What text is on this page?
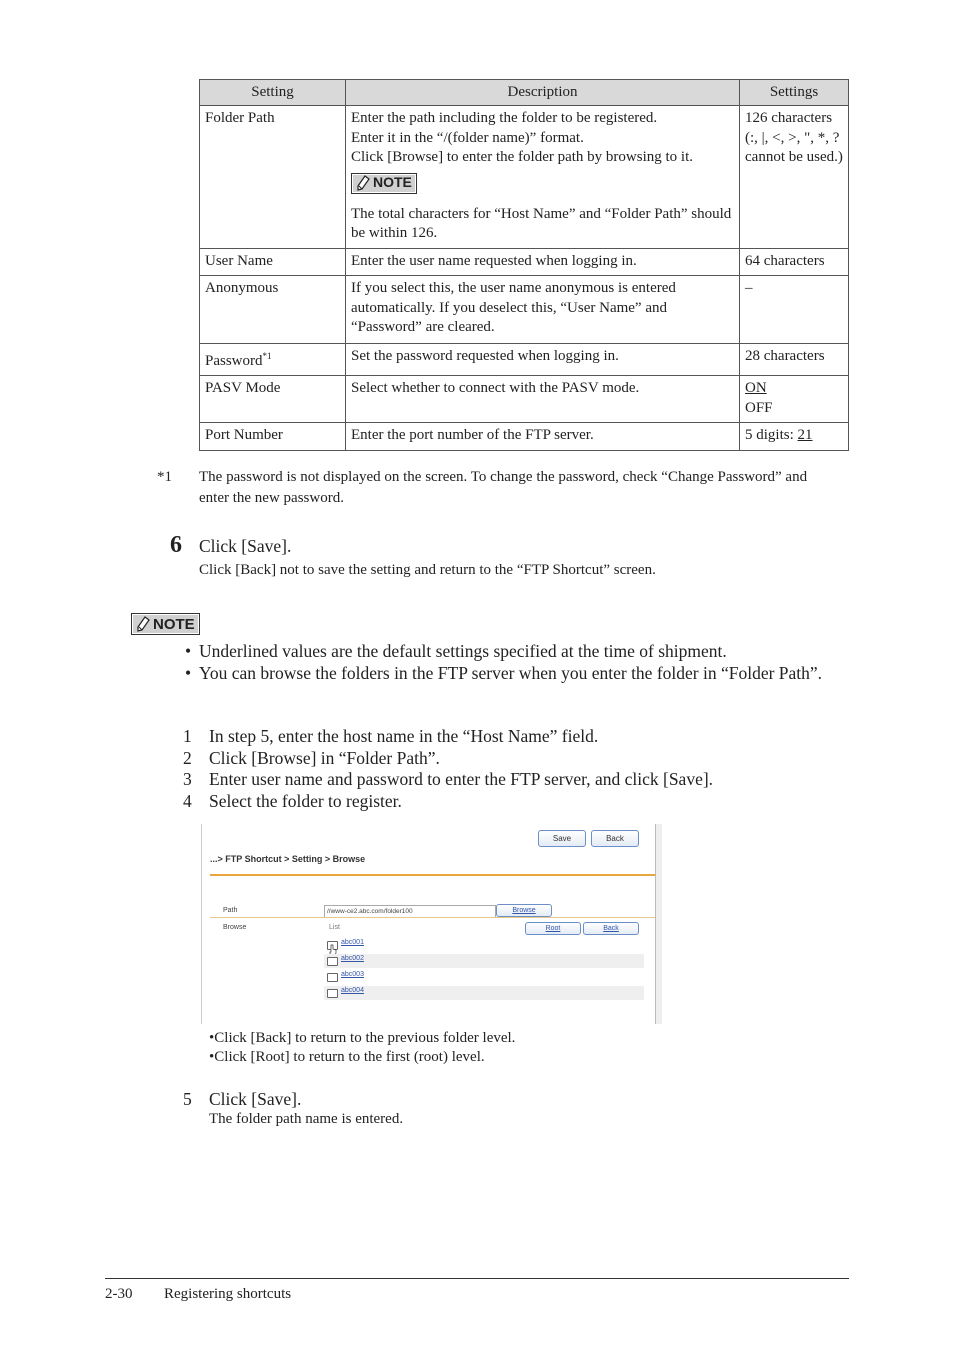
Setting	Description	Settings
Folder Path	Enter the path including the folder to be registered.
Enter it in the “/(folder name)” format.
Click [Browse] to enter the folder path by browsing to it.
NOTE
The total characters for “Host Name” and “Folder Path” should be within 126.	126 characters (:, |, <, >, ", *, ? cannot be used.)
User Name	Enter the user name requested when logging in.	64 characters
Anonymous	If you select this, the user name anonymous is entered automatically. If you deselect this, “User Name” and “Password” are cleared.	–
Password$^{*1}$	Set the password requested when logging in.	28 characters
PASV Mode	Select whether to connect with the PASV mode.	ON
OFF

Port Number	Enter the port number of the FTP server.	5 digits: 21
*1 The password is not displayed on the screen. To change the password, check “Change Password” and enter the new password.
6 Click [Save].
Click [Back] not to save the setting and return to the “FTP Shortcut” screen.
NOTE
• Underlined values are the default settings specified at the time of shipment.
• You can browse the folders in the FTP server when you enter the folder in “Folder Path”.
1 In step 5, enter the host name in the “Host Name” field.
2 Click [Browse] in “Folder Path”.
3 Enter user name and password to enter the FTP server, and click [Save].
4 Select the folder to register.
Save	Back
...> FTP Shortcut > Setting > Browse
Path	//www-ce2.abc.com/folder100	Browse
Browse	List	Root	Back
abc001
abc002
abc003
abc004
•Click [Back] to return to the previous folder level.
•Click [Root] to return to the first (root) level.
5 Click [Save].
The folder path name is entered.
2-30 Registering shortcuts
